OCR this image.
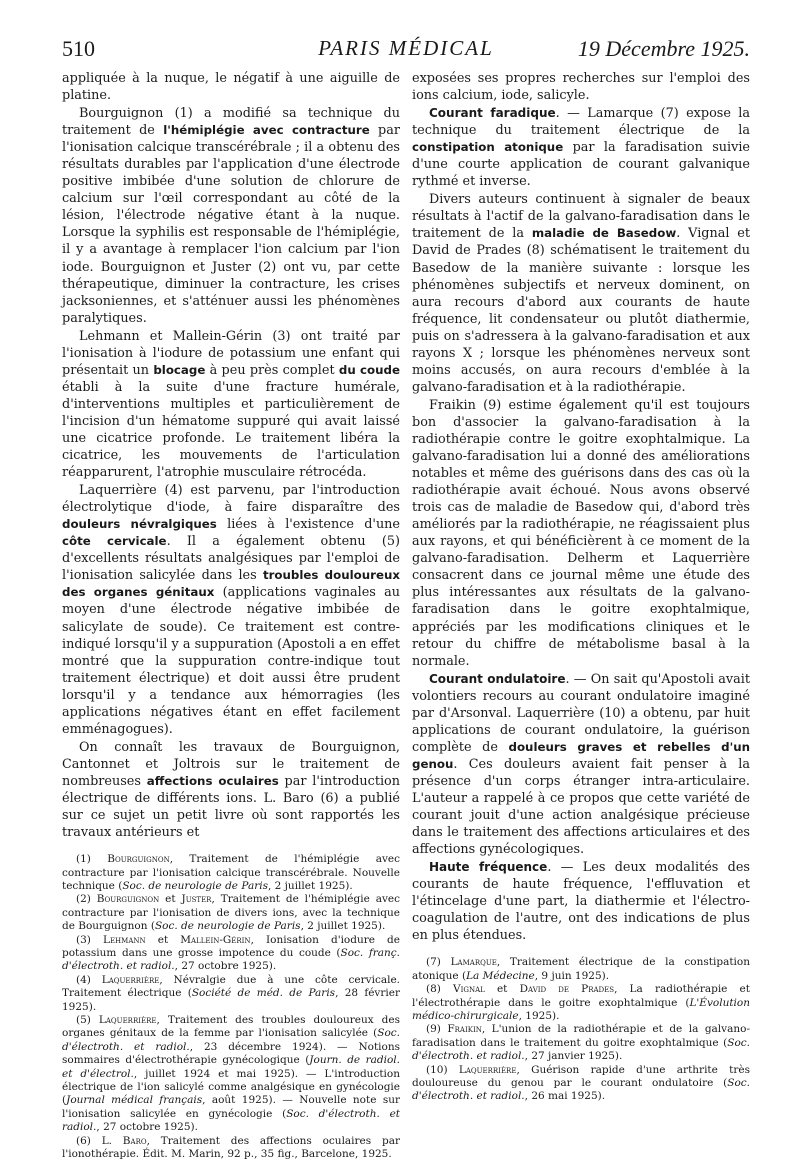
510	PARIS MÉDICAL	19 Décembre 1925.

appliquée à la nuque, le négatif à une aiguille de platine.

Bourguignon (1) a modifié sa technique du traitement de l'hémiplégie avec contracture par l'ionisation calcique transcérébrale ; il a obtenu des résultats durables par l'application d'une électrode positive imbibée d'une solution de chlorure de calcium sur l'œil correspondant au côté de la lésion, l'électrode négative étant à la nuque. Lorsque la syphilis est responsable de l'hémiplégie, il y a avantage à remplacer l'ion calcium par l'ion iode. Bourguignon et Juster (2) ont vu, par cette thérapeutique, diminuer la contracture, les crises jacksoniennes, et s'atténuer aussi les phénomènes paralytiques.

Lehmann et Mallein-Gérin (3) ont traité par l'ionisation à l'iodure de potassium une enfant qui présentait un blocage à peu près complet du coude établi à la suite d'une fracture humérale, d'interventions multiples et particulièrement de l'incision d'un hématome suppuré qui avait laissé une cicatrice profonde. Le traitement libéra la cicatrice, les mouvements de l'articulation réapparurent, l'atrophie musculaire rétrocéda.

Laquerrière (4) est parvenu, par l'introduction électrolytique d'iode, à faire disparaître des douleurs névralgiques liées à l'existence d'une côte cervicale. Il a également obtenu (5) d'excellents résultats analgésiques par l'emploi de l'ionisation salicylée dans les troubles douloureux des organes génitaux (applications vaginales au moyen d'une électrode négative imbibée de salicylate de soude). Ce traitement est contre-indiqué lorsqu'il y a suppuration (Apostoli a en effet montré que la suppuration contre-indique tout traitement électrique) et doit aussi être prudent lorsqu'il y a tendance aux hémorragies (les applications négatives étant en effet facilement emménagogues).

On connaît les travaux de Bourguignon, Cantonnet et Joltrois sur le traitement de nombreuses affections oculaires par l'introduction électrique de différents ions. L. Baro (6) a publié sur ce sujet un petit livre où sont rapportés les travaux antérieurs et

(1) Bourguignon, Traitement de l'hémiplégie avec contracture par l'ionisation calcique transcérébrale. Nouvelle technique (Soc. de neurologie de Paris, 2 juillet 1925).

(2) Bourguignon et Juster, Traitement de l'hémiplégie avec contracture par l'ionisation de divers ions, avec la technique de Bourguignon (Soc. de neurologie de Paris, 2 juillet 1925).

(3) Lehmann et Mallein-Gérin, Ionisation d'iodure de potassium dans une grosse impotence du coude (Soc. franç. d'électroth. et radiol., 27 octobre 1925).

(4) Laquerrière, Névralgie due à une côte cervicale. Traitement électrique (Société de méd. de Paris, 28 février 1925).

(5) Laquerrière, Traitement des troubles douloureux des organes génitaux de la femme par l'ionisation salicylée (Soc. d'électroth. et radiol., 23 décembre 1924). — Notions sommaires d'électrothérapie gynécologique (Journ. de radiol. et d'électrol., juillet 1924 et mai 1925). — L'introduction électrique de l'ion salicylé comme analgésique en gynécologie (Journal médical français, août 1925). — Nouvelle note sur l'ionisation salicylée en gynécologie (Soc. d'électroth. et radiol., 27 octobre 1925).

(6) L. Baro, Traitement des affections oculaires par l'ionothérapie. Édit. M. Marin, 92 p., 35 fig., Barcelone, 1925.

exposées ses propres recherches sur l'emploi des ions calcium, iode, salicyle.

Courant faradique. — Lamarque (7) expose la technique du traitement électrique de la constipation atonique par la faradisation suivie d'une courte application de courant galvanique rythmé et inverse.

Divers auteurs continuent à signaler de beaux résultats à l'actif de la galvano-faradisation dans le traitement de la maladie de Basedow. Vignal et David de Prades (8) schématisent le traitement du Basedow de la manière suivante : lorsque les phénomènes subjectifs et nerveux dominent, on aura recours d'abord aux courants de haute fréquence, lit condensateur ou plutôt diathermie, puis on s'adressera à la galvano-faradisation et aux rayons X ; lorsque les phénomènes nerveux sont moins accusés, on aura recours d'emblée à la galvano-faradisation et à la radiothérapie.

Fraikin (9) estime également qu'il est toujours bon d'associer la galvano-faradisation à la radiothérapie contre le goitre exophtalmique. La galvano-faradisation lui a donné des améliorations notables et même des guérisons dans des cas où la radiothérapie avait échoué. Nous avons observé trois cas de maladie de Basedow qui, d'abord très améliorés par la radiothérapie, ne réagissaient plus aux rayons, et qui bénéficièrent à ce moment de la galvano-faradisation. Delherm et Laquerrière consacrent dans ce journal même une étude des plus intéressantes aux résultats de la galvano-faradisation dans le goitre exophtalmique, appréciés par les modifications cliniques et le retour du chiffre de métabolisme basal à la normale.

Courant ondulatoire. — On sait qu'Apostoli avait volontiers recours au courant ondulatoire imaginé par d'Arsonval. Laquerrière (10) a obtenu, par huit applications de courant ondulatoire, la guérison complète de douleurs graves et rebelles d'un genou. Ces douleurs avaient fait penser à la présence d'un corps étranger intra-articulaire. L'auteur a rappelé à ce propos que cette variété de courant jouit d'une action analgésique précieuse dans le traitement des affections articulaires et des affections gynécologiques.

Haute fréquence. — Les deux modalités des courants de haute fréquence, l'effluvation et l'étincelage d'une part, la diathermie et l'électro-coagulation de l'autre, ont des indications de plus en plus étendues.

(7) Lamarque, Traitement électrique de la constipation atonique (La Médecine, 9 juin 1925).

(8) Vignal et David de Prades, La radiothérapie et l'électrothérapie dans le goitre exophtalmique (L'Évolution médico-chirurgicale, 1925).

(9) Fraikin, L'union de la radiothérapie et de la galvano-faradisation dans le traitement du goitre exophtalmique (Soc. d'électroth. et radiol., 27 janvier 1925).

(10) Laquerrière, Guérison rapide d'une arthrite très douloureuse du genou par le courant ondulatoire (Soc. d'électroth. et radiol., 26 mai 1925).
